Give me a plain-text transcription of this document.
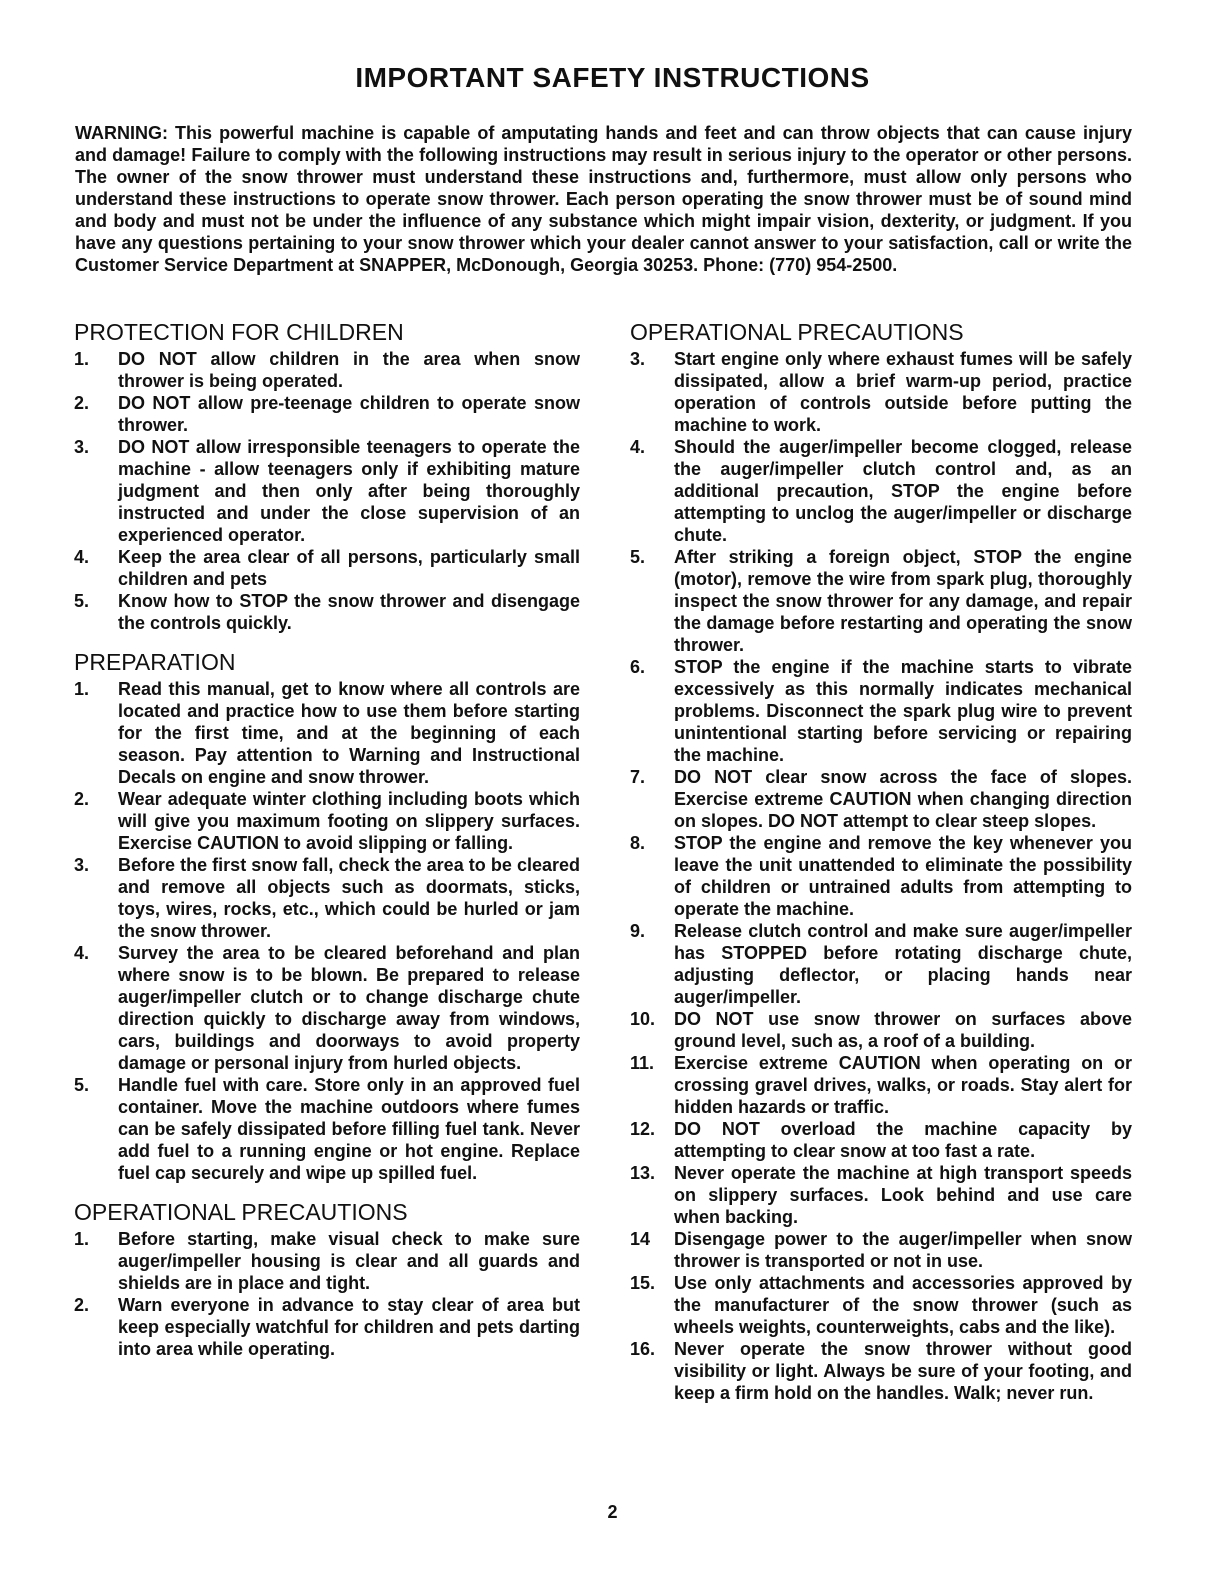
IMPORTANT SAFETY INSTRUCTIONS
WARNING: This powerful machine is capable of amputating hands and feet and can throw objects that can cause injury and damage! Failure to comply with the following instructions may result in serious injury to the operator or other persons. The owner of the snow thrower must understand these instructions and, furthermore, must allow only persons who understand these instructions to operate snow thrower. Each person operating the snow thrower must be of sound mind and body and must not be under the influence of any substance which might impair vision, dexterity, or judgment. If you have any questions pertaining to your snow thrower which your dealer cannot answer to your satisfaction, call or write the Customer Service Department at SNAPPER, McDonough, Georgia 30253. Phone: (770) 954-2500.
PROTECTION FOR CHILDREN
1. DO NOT allow children in the area when snow thrower is being operated.
2. DO NOT allow pre-teenage children to operate snow thrower.
3. DO NOT allow irresponsible teenagers to operate the machine - allow teenagers only if exhibiting mature judgment and then only after being thoroughly instructed and under the close supervision of an experienced operator.
4. Keep the area clear of all persons, particularly small children and pets
5. Know how to STOP the snow thrower and disengage the controls quickly.
PREPARATION
1. Read this manual, get to know where all controls are located and practice how to use them before starting for the first time, and at the beginning of each season. Pay attention to Warning and Instructional Decals on engine and snow thrower.
2. Wear adequate winter clothing including boots which will give you maximum footing on slippery surfaces. Exercise CAUTION to avoid slipping or falling.
3. Before the first snow fall, check the area to be cleared and remove all objects such as doormats, sticks, toys, wires, rocks, etc., which could be hurled or jam the snow thrower.
4. Survey the area to be cleared beforehand and plan where snow is to be blown. Be prepared to release auger/impeller clutch or to change discharge chute direction quickly to discharge away from windows, cars, buildings and doorways to avoid property damage or personal injury from hurled objects.
5. Handle fuel with care. Store only in an approved fuel container. Move the machine outdoors where fumes can be safely dissipated before filling fuel tank. Never add fuel to a running engine or hot engine. Replace fuel cap securely and wipe up spilled fuel.
OPERATIONAL PRECAUTIONS
1. Before starting, make visual check to make sure auger/impeller housing is clear and all guards and shields are in place and tight.
2. Warn everyone in advance to stay clear of area but keep especially watchful for children and pets darting into area while operating.
OPERATIONAL PRECAUTIONS
3. Start engine only where exhaust fumes will be safely dissipated, allow a brief warm-up period, practice operation of controls outside before putting the machine to work.
4. Should the auger/impeller become clogged, release the auger/impeller clutch control and, as an additional precaution, STOP the engine before attempting to unclog the auger/impeller or discharge chute.
5. After striking a foreign object, STOP the engine (motor), remove the wire from spark plug, thoroughly inspect the snow thrower for any damage, and repair the damage before restarting and operating the snow thrower.
6. STOP the engine if the machine starts to vibrate excessively as this normally indicates mechanical problems. Disconnect the spark plug wire to prevent unintentional starting before servicing or repairing the machine.
7. DO NOT clear snow across the face of slopes. Exercise extreme CAUTION when changing direction on slopes. DO NOT attempt to clear steep slopes.
8. STOP the engine and remove the key whenever you leave the unit unattended to eliminate the possibility of children or untrained adults from attempting to operate the machine.
9. Release clutch control and make sure auger/impeller has STOPPED before rotating discharge chute, adjusting deflector, or placing hands near auger/impeller.
10. DO NOT use snow thrower on surfaces above ground level, such as, a roof of a building.
11. Exercise extreme CAUTION when operating on or crossing gravel drives, walks, or roads. Stay alert for hidden hazards or traffic.
12. DO NOT overload the machine capacity by attempting to clear snow at too fast a rate.
13. Never operate the machine at high transport speeds on slippery surfaces. Look behind and use care when backing.
14 Disengage power to the auger/impeller when snow thrower is transported or not in use.
15. Use only attachments and accessories approved by the manufacturer of the snow thrower (such as wheels weights, counterweights, cabs and the like).
16. Never operate the snow thrower without good visibility or light. Always be sure of your footing, and keep a firm hold on the handles. Walk; never run.
2
